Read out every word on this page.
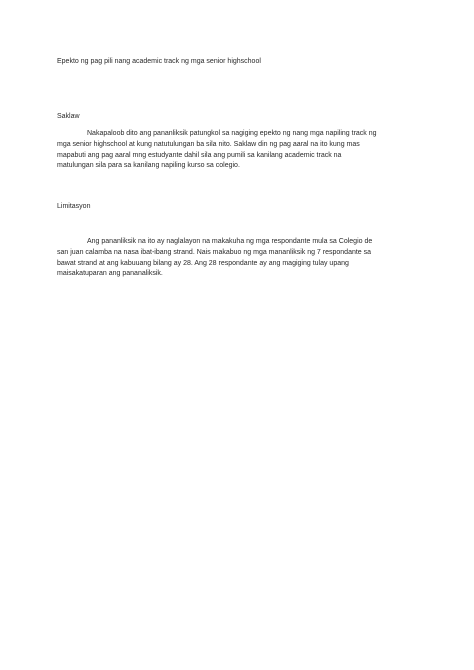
Epekto ng pag pili nang academic track ng mga senior highschool
Saklaw

Nakapaloob dito ang pananliksik patungkol sa nagiging epekto ng nang mga napiling track ng
mga senior highschool at kung natutulungan ba sila nito. Saklaw din ng pag aaral na ito kung mas
mapabuti ang pag aaral mng estudyante dahil sila ang pumili sa kanilang academic track na
matulungan sila para sa kanilang napiling kurso sa colegio.

Limitasyon

Ang pananliksik na ito ay naglalayon na makakuha ng mga respondante mula sa Colegio de
san juan calamba na nasa ibat-ibang strand. Nais makabuo ng mga mananliksik ng 7 respondante sa
bawat strand at ang kabuuang bilang ay 28. Ang 28 respondante ay ang magiging tulay upang
maisakatuparan ang pananaliksik.
